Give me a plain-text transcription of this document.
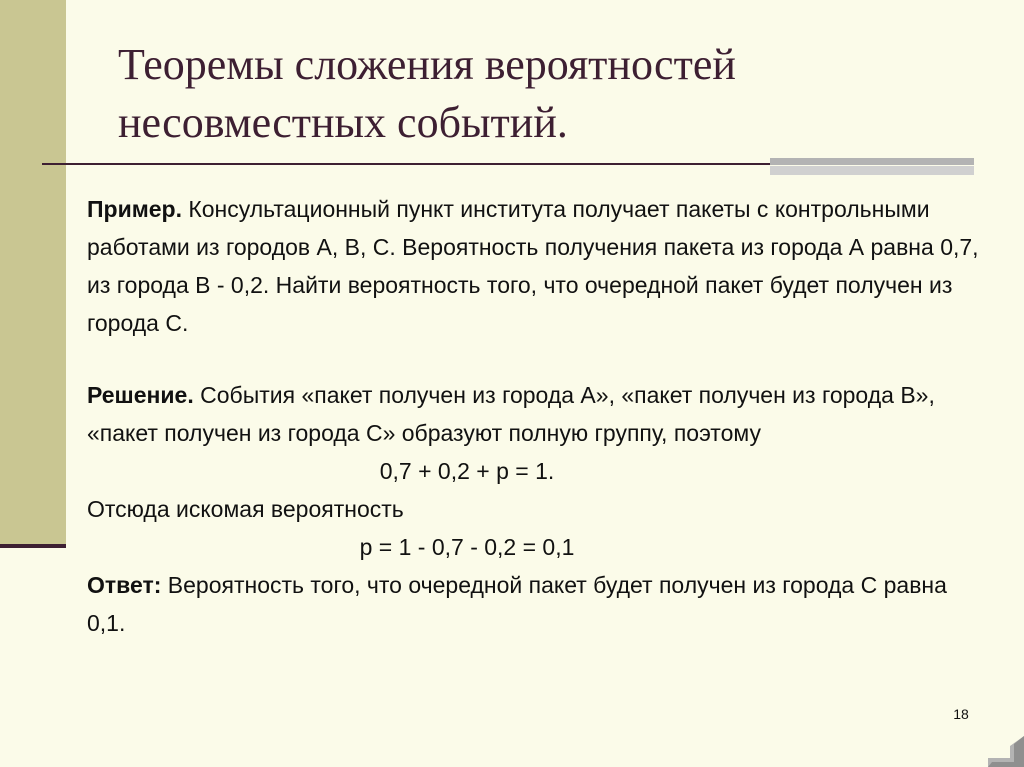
Теоремы сложения вероятностей несовместных событий.

Пример. Консультационный пункт института получает пакеты с контрольными работами из городов А, В, С. Вероятность получения пакета из города А равна 0,7, из города В - 0,2. Найти вероятность того, что очередной пакет будет получен из города С.

Решение. События «пакет получен из города А», «пакет получен из города В», «пакет получен из города С» образуют полную группу, поэтому

0,7 + 0,2 + р = 1.

Отсюда искомая вероятность

р = 1 - 0,7 - 0,2 = 0,1

Ответ: Вероятность того, что очередной пакет будет получен из города С равна 0,1.

18
